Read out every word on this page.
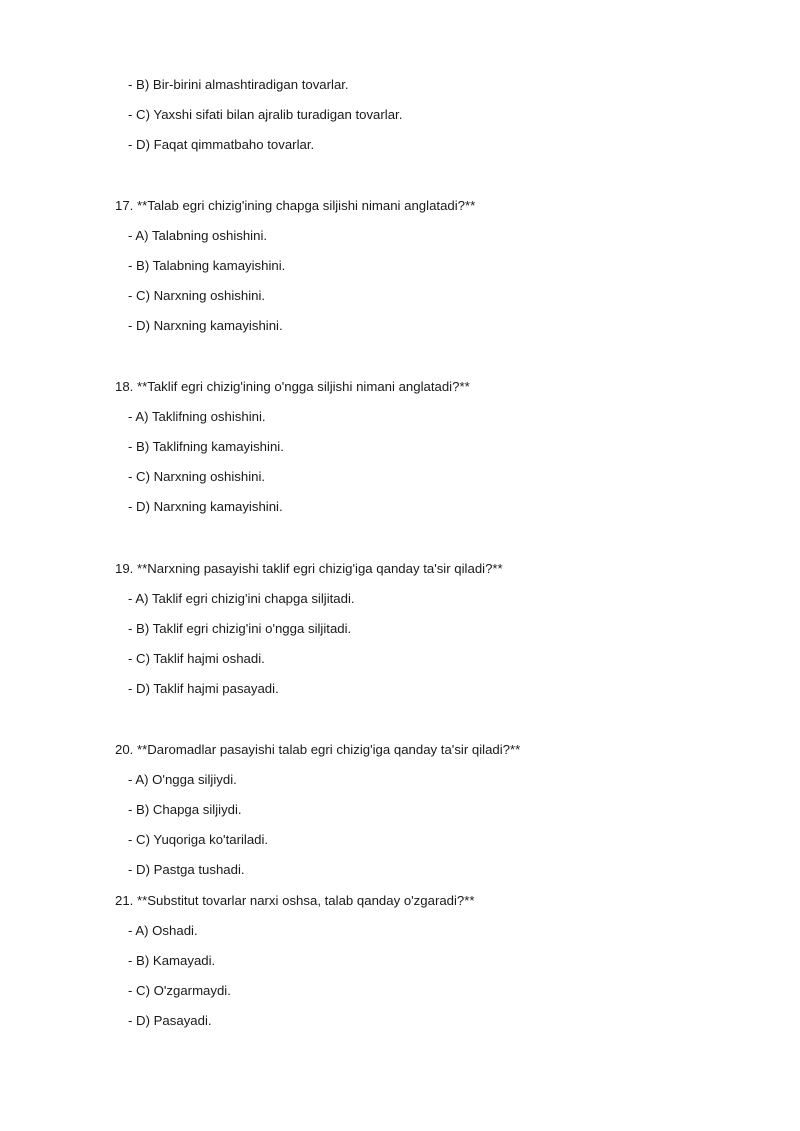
- B) Bir-birini almashtiradigan tovarlar.
- C) Yaxshi sifati bilan ajralib turadigan tovarlar.
- D) Faqat qimmatbaho tovarlar.
17. **Talab egri chizig'ining chapga siljishi nimani anglatadi?**
- A) Talabning oshishini.
- B) Talabning kamayishini.
- C) Narxning oshishini.
- D) Narxning kamayishini.
18. **Taklif egri chizig'ining o'ngga siljishi nimani anglatadi?**
- A) Taklifning oshishini.
- B) Taklifning kamayishini.
- C) Narxning oshishini.
- D) Narxning kamayishini.
19. **Narxning pasayishi taklif egri chizig'iga qanday ta'sir qiladi?**
- A) Taklif egri chizig'ini chapga siljitadi.
- B) Taklif egri chizig'ini o'ngga siljitadi.
- C) Taklif hajmi oshadi.
- D) Taklif hajmi pasayadi.
20. **Daromadlar pasayishi talab egri chizig'iga qanday ta'sir qiladi?**
- A) O'ngga siljiydi.
- B) Chapga siljiydi.
- C) Yuqoriga ko'tariladi.
- D) Pastga tushadi.
21. **Substitut tovarlar narxi oshsa, talab qanday o'zgaradi?**
- A) Oshadi.
- B) Kamayadi.
- C) O'zgarmaydi.
- D) Pasayadi.
